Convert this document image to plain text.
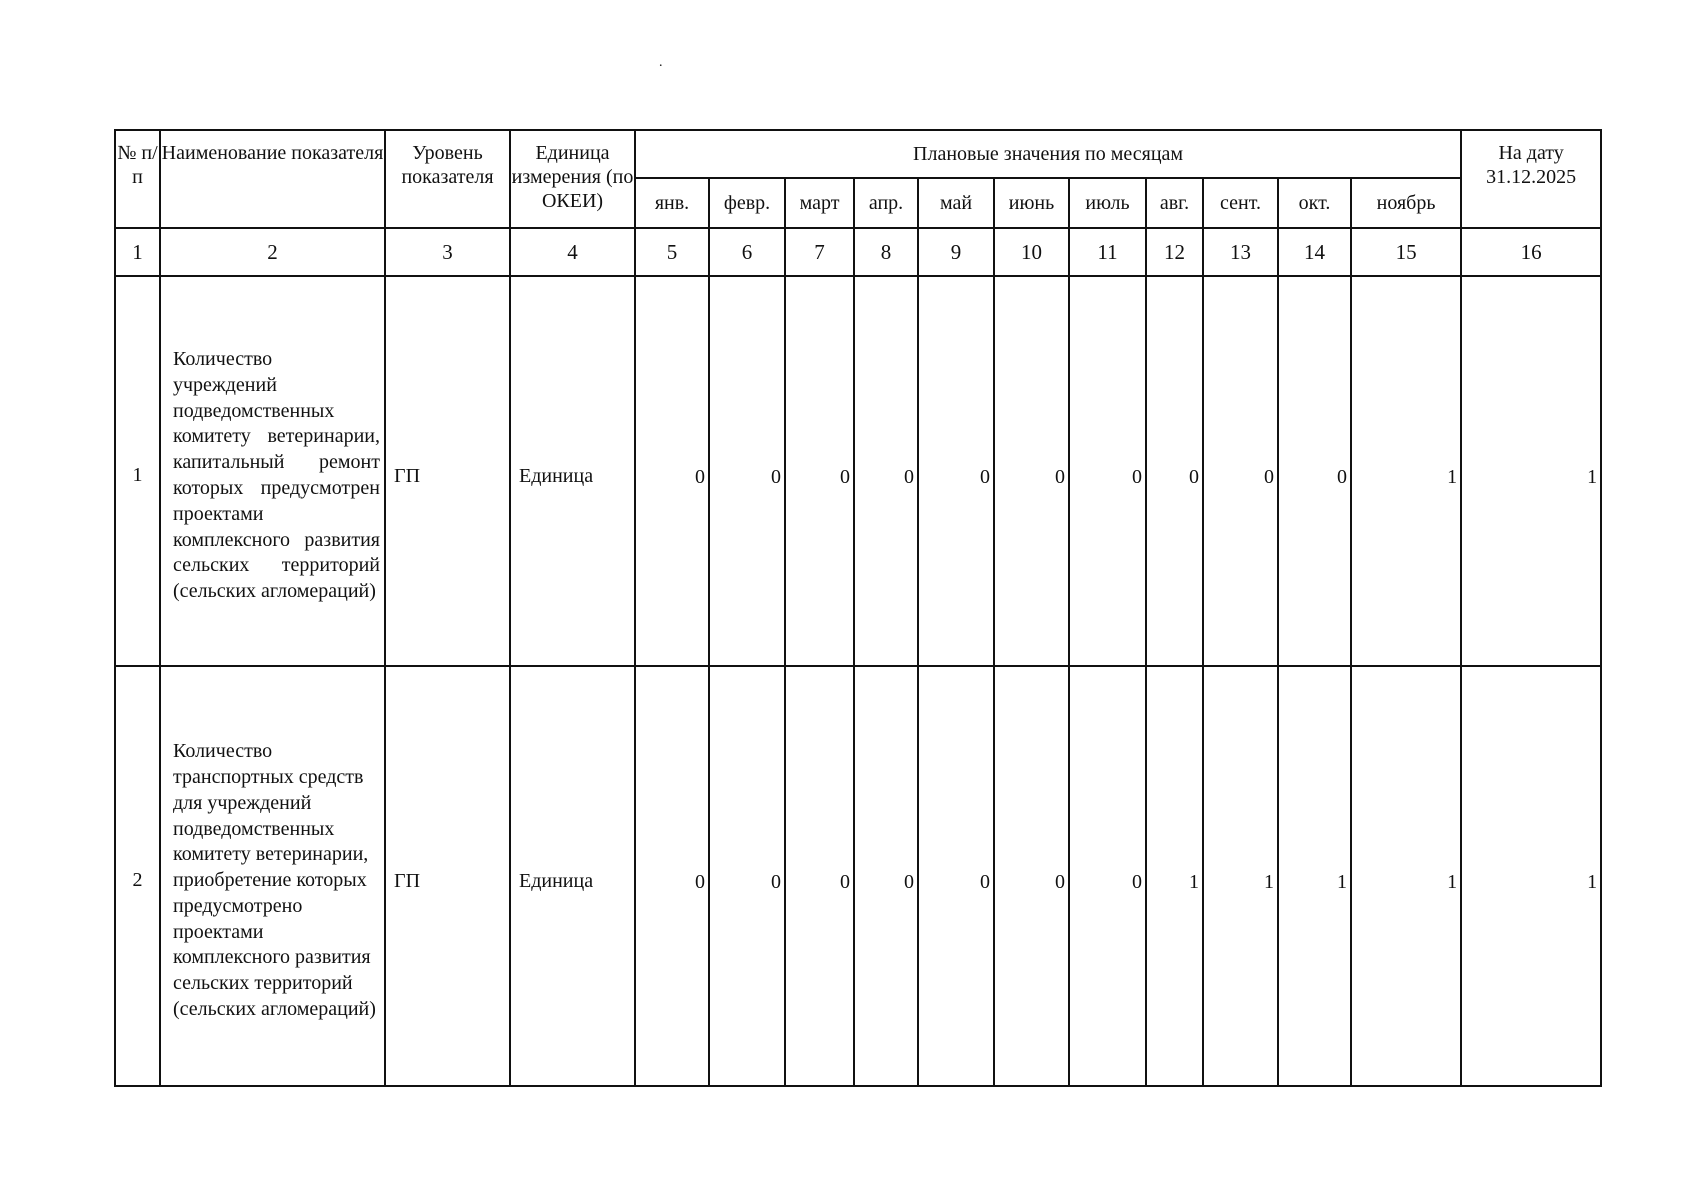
.
№ п/п	Наименование показателя	Уровень показателя	Единица измерения (по ОКЕИ)	Плановые значения по месяцам											На дату 31.12.2025
				янв.	февр.	март	апр.	май	июнь	июль	авг.	сент.	окт.	ноябрь	
1	2	3	4	5	6	7	8	9	10	11	12	13	14	15	16
1	Количество учреждений подведомственных комитету ветеринарии, капитальный ремонт которых предусмотрен проектами комплексного развития сельских территорий (сельских агломераций)	ГП	Единица	0	0	0	0	0	0	0	0	0	0	1	1
2	Количество транспортных средств для учреждений подведомственных комитету ветеринарии, приобретение которых предусмотрено проектами комплексного развития сельских территорий (сельских агломераций)	ГП	Единица	0	0	0	0	0	0	0	1	1	1	1	1
